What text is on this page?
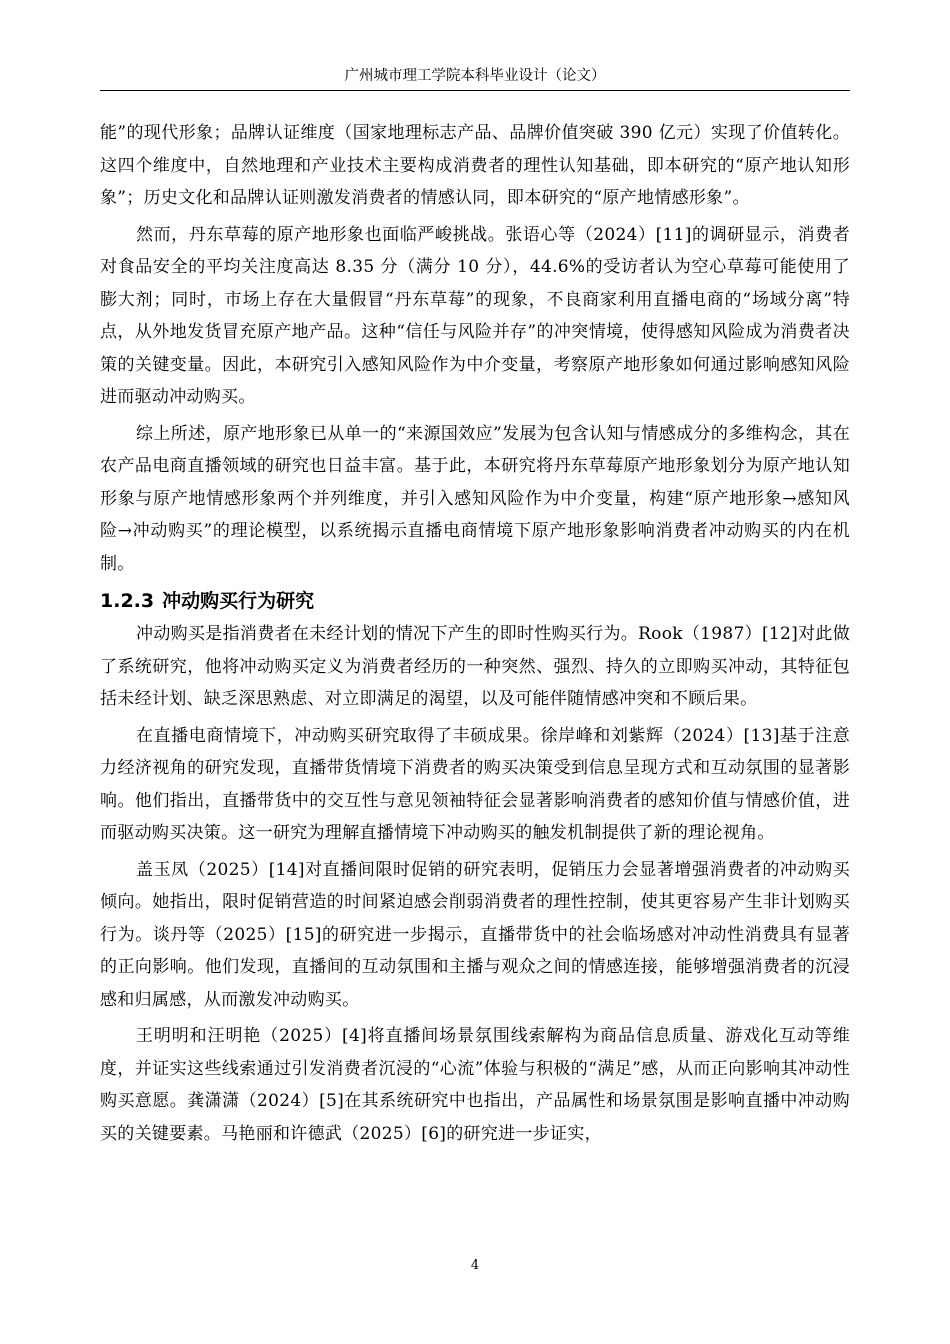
广州城市理工学院本科毕业设计（论文）

能”的现代形象；品牌认证维度（国家地理标志产品、品牌价值突破 390 亿元）实现了价值转化。这四个维度中，自然地理和产业技术主要构成消费者的理性认知基础，即本研究的“原产地认知形象”；历史文化和品牌认证则激发消费者的情感认同，即本研究的“原产地情感形象”。

然而，丹东草莓的原产地形象也面临严峻挑战。张语心等（2024）[11]的调研显示，消费者对食品安全的平均关注度高达 8.35 分（满分 10 分），44.6%的受访者认为空心草莓可能使用了膨大剂；同时，市场上存在大量假冒“丹东草莓”的现象，不良商家利用直播电商的“场域分离”特点，从外地发货冒充原产地产品。这种“信任与风险并存”的冲突情境，使得感知风险成为消费者决策的关键变量。因此，本研究引入感知风险作为中介变量，考察原产地形象如何通过影响感知风险进而驱动冲动购买。

综上所述，原产地形象已从单一的“来源国效应”发展为包含认知与情感成分的多维构念，其在农产品电商直播领域的研究也日益丰富。基于此，本研究将丹东草莓原产地形象划分为原产地认知形象与原产地情感形象两个并列维度，并引入感知风险作为中介变量，构建“原产地形象→感知风险→冲动购买”的理论模型，以系统揭示直播电商情境下原产地形象影响消费者冲动购买的内在机制。

1.2.3 冲动购买行为研究

冲动购买是指消费者在未经计划的情况下产生的即时性购买行为。Rook（1987）[12]对此做了系统研究，他将冲动购买定义为消费者经历的一种突然、强烈、持久的立即购买冲动，其特征包括未经计划、缺乏深思熟虑、对立即满足的渴望，以及可能伴随情感冲突和不顾后果。

在直播电商情境下，冲动购买研究取得了丰硕成果。徐岸峰和刘紫辉（2024）[13]基于注意力经济视角的研究发现，直播带货情境下消费者的购买决策受到信息呈现方式和互动氛围的显著影响。他们指出，直播带货中的交互性与意见领袖特征会显著影响消费者的感知价值与情感价值，进而驱动购买决策。这一研究为理解直播情境下冲动购买的触发机制提供了新的理论视角。

盖玉凤（2025）[14]对直播间限时促销的研究表明，促销压力会显著增强消费者的冲动购买倾向。她指出，限时促销营造的时间紧迫感会削弱消费者的理性控制，使其更容易产生非计划购买行为。谈丹等（2025）[15]的研究进一步揭示，直播带货中的社会临场感对冲动性消费具有显著的正向影响。他们发现，直播间的互动氛围和主播与观众之间的情感连接，能够增强消费者的沉浸感和归属感，从而激发冲动购买。

王明明和汪明艳（2025）[4]将直播间场景氛围线索解构为商品信息质量、游戏化互动等维度，并证实这些线索通过引发消费者沉浸的“心流”体验与积极的“满足”感，从而正向影响其冲动性购买意愿。龚潇潇（2024）[5]在其系统研究中也指出，产品属性和场景氛围是影响直播中冲动购买的关键要素。马艳丽和许德武（2025）[6]的研究进一步证实，

4
